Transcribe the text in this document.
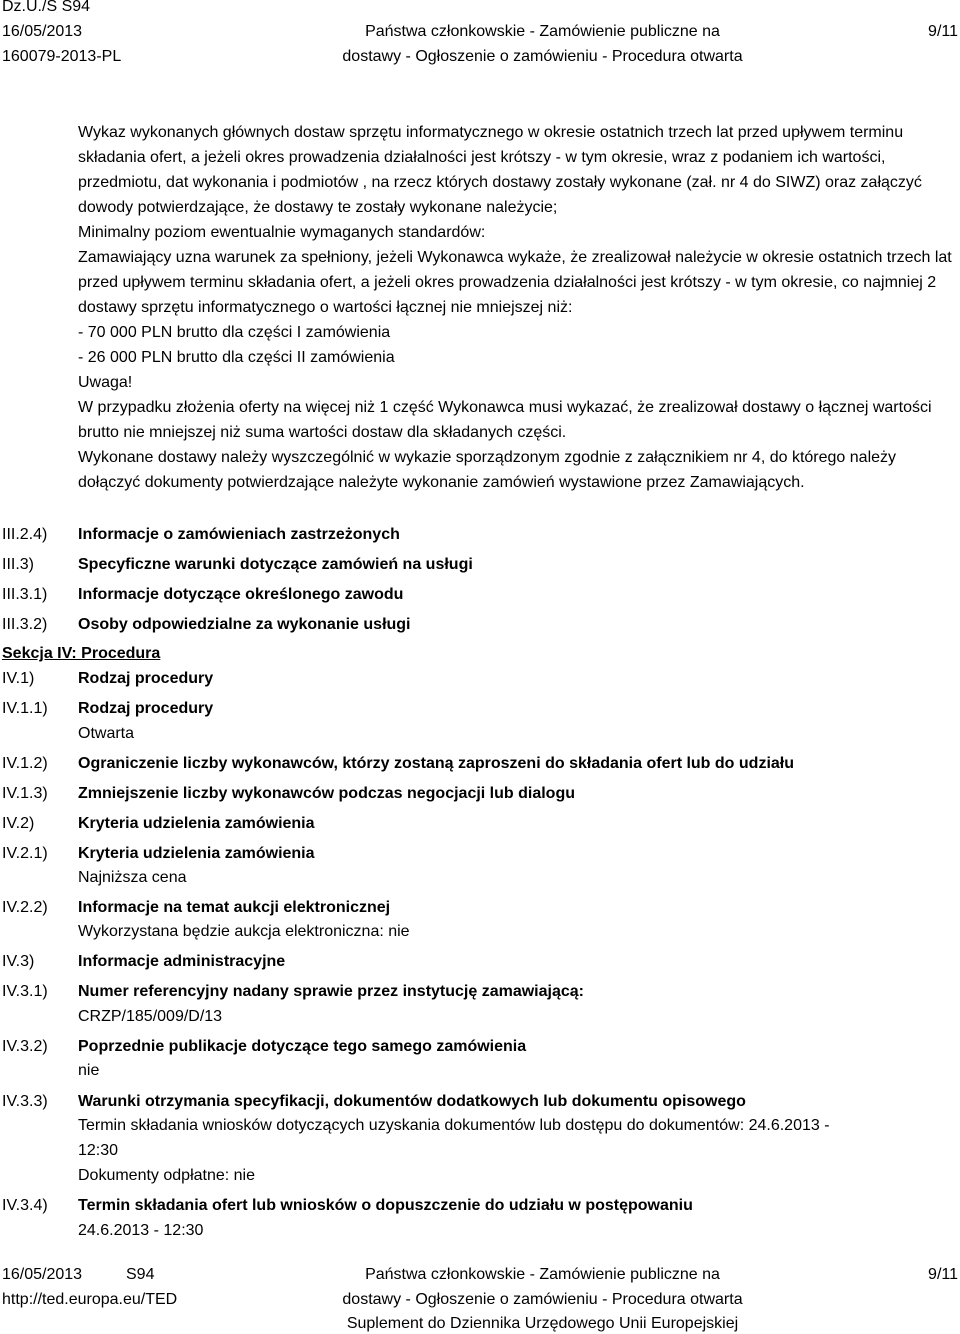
Dz.U./S S94
16/05/2013
160079-2013-PL
Państwa członkowskie - Zamówienie publiczne na
dostawy - Ogłoszenie o zamówieniu - Procedura otwarta
9/11

Wykaz wykonanych głównych dostaw sprzętu informatycznego w okresie ostatnich trzech lat przed upływem terminu składania ofert, a jeżeli okres prowadzenia działalności jest krótszy - w tym okresie, wraz z podaniem ich wartości, przedmiotu, dat wykonania i podmiotów , na rzecz których dostawy zostały wykonane (zał. nr 4 do SIWZ) oraz załączyć dowody potwierdzające, że dostawy te zostały wykonane należycie;

Minimalny poziom ewentualnie wymaganych standardów:

Zamawiający uzna warunek za spełniony, jeżeli Wykonawca wykaże, że zrealizował należycie w okresie ostatnich trzech lat przed upływem terminu składania ofert, a jeżeli okres prowadzenia działalności jest krótszy - w tym okresie, co najmniej 2 dostawy sprzętu informatycznego o wartości łącznej nie mniejszej niż:

- 70 000 PLN brutto dla części I zamówienia

- 26 000 PLN brutto dla części II zamówienia

Uwaga!

W przypadku złożenia oferty na więcej niż 1 część Wykonawca musi wykazać, że zrealizował dostawy o łącznej wartości brutto nie mniejszej niż suma wartości dostaw dla składanych części.

Wykonane dostawy należy wyszczególnić w wykazie sporządzonym zgodnie z załącznikiem nr 4, do którego należy dołączyć dokumenty potwierdzające należyte wykonanie zamówień wystawione przez Zamawiających.

III.2.4) Informacje o zamówieniach zastrzeżonych
III.3)	Specyficzne warunki dotyczące zamówień na usługi
III.3.1) Informacje dotyczące określonego zawodu
III.3.2) Osoby odpowiedzialne za wykonanie usługi
Sekcja IV: Procedura
IV.1)	Rodzaj procedury
IV.1.1) Rodzaj procedury
Otwarta
IV.1.2) Ograniczenie liczby wykonawców, którzy zostaną zaproszeni do składania ofert lub do udziału
IV.1.3) Zmniejszenie liczby wykonawców podczas negocjacji lub dialogu
IV.2)	Kryteria udzielenia zamówienia
IV.2.1) Kryteria udzielenia zamówienia
Najniższa cena
IV.2.2) Informacje na temat aukcji elektronicznej
Wykorzystana będzie aukcja elektroniczna: nie
IV.3)	Informacje administracyjne
IV.3.1) Numer referencyjny nadany sprawie przez instytucję zamawiającą:
CRZP/185/009/D/13
IV.3.2) Poprzednie publikacje dotyczące tego samego zamówienia
nie
IV.3.3) Warunki otrzymania specyfikacji, dokumentów dodatkowych lub dokumentu opisowego
Termin składania wniosków dotyczących uzyskania dokumentów lub dostępu do dokumentów: 24.6.2013 -
12:30
Dokumenty odpłatne: nie
IV.3.4) Termin składania ofert lub wniosków o dopuszczenie do udziału w postępowaniu
24.6.2013 - 12:30
16/05/2013	S94
http://ted.europa.eu/TED
Państwa członkowskie - Zamówienie publiczne na
dostawy - Ogłoszenie o zamówieniu - Procedura otwarta
Suplement do Dziennika Urzędowego Unii Europejskiej
9/11
